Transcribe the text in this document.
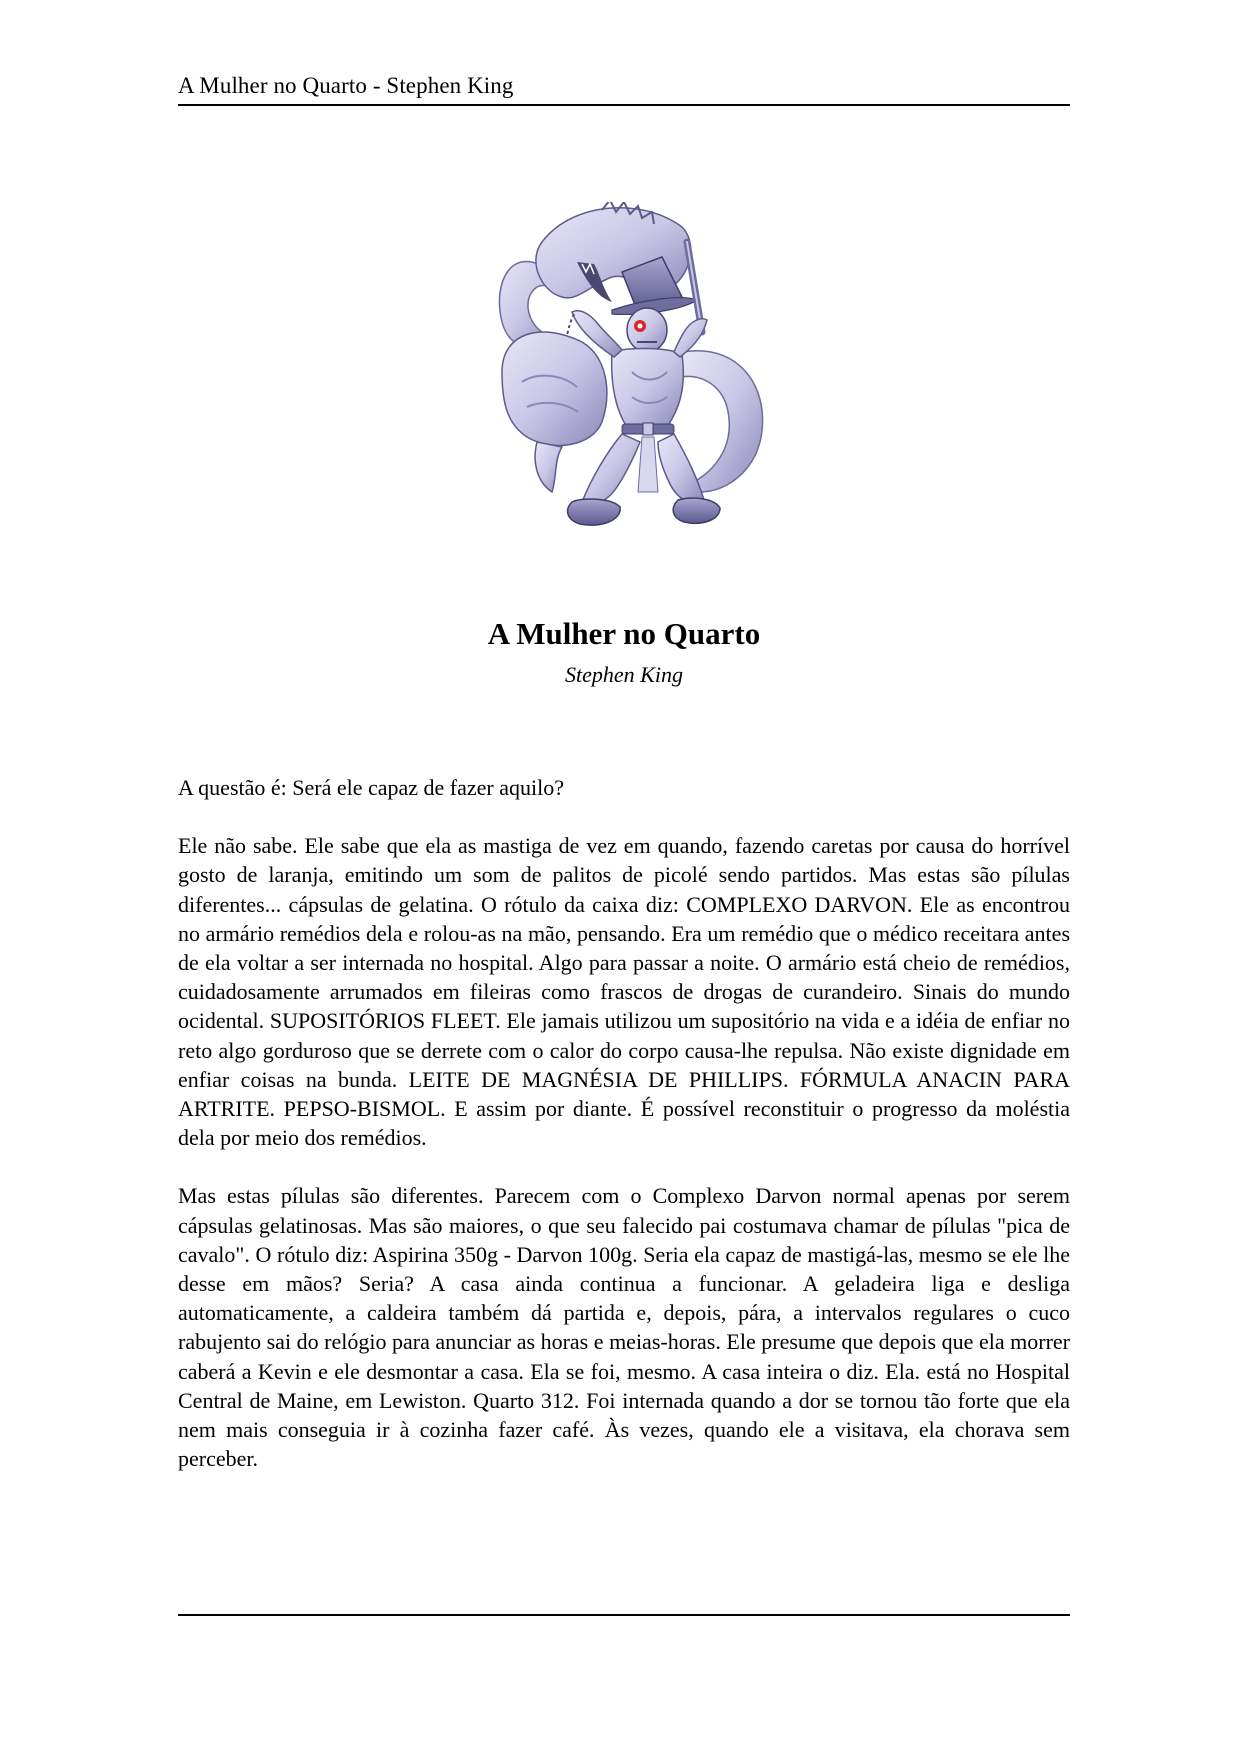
A Mulher no Quarto - Stephen King
A Mulher no Quarto
Stephen King

A questão é: Será ele capaz de fazer aquilo?

Ele não sabe. Ele sabe que ela as mastiga de vez em quando, fazendo caretas por causa do horrível gosto de laranja, emitindo um som de palitos de picolé sendo partidos. Mas estas são pílulas diferentes... cápsulas de gelatina. O rótulo da caixa diz: COMPLEXO DARVON. Ele as encontrou no armário remédios dela e rolou-as na mão, pensando. Era um remédio que o médico receitara antes de ela voltar a ser internada no hospital. Algo para passar a noite. O armário está cheio de remédios, cuidadosamente arrumados em fileiras como frascos de drogas de curandeiro. Sinais do mundo ocidental. SUPOSITÓRIOS FLEET. Ele jamais utilizou um supositório na vida e a idéia de enfiar no reto algo gorduroso que se derrete com o calor do corpo causa-lhe repulsa. Não existe dignidade em enfiar coisas na bunda. LEITE DE MAGNÉSIA DE PHILLIPS. FÓRMULA ANACIN PARA ARTRITE. PEPSO-BISMOL. E assim por diante. É possível reconstituir o progresso da moléstia dela por meio dos remédios.

Mas estas pílulas são diferentes. Parecem com o Complexo Darvon normal apenas por serem cápsulas gelatinosas. Mas são maiores, o que seu falecido pai costumava chamar de pílulas "pica de cavalo". O rótulo diz: Aspirina 350g - Darvon 100g. Seria ela capaz de mastigá-las, mesmo se ele lhe desse em mãos? Seria? A casa ainda continua a funcionar. A geladeira liga e desliga automaticamente, a caldeira também dá partida e, depois, pára, a intervalos regulares o cuco rabujento sai do relógio para anunciar as horas e meias-horas. Ele presume que depois que ela morrer caberá a Kevin e ele desmontar a casa. Ela se foi, mesmo. A casa inteira o diz. Ela. está no Hospital Central de Maine, em Lewiston. Quarto 312. Foi internada quando a dor se tornou tão forte que ela nem mais conseguia ir à cozinha fazer café. Às vezes, quando ele a visitava, ela chorava sem perceber.
